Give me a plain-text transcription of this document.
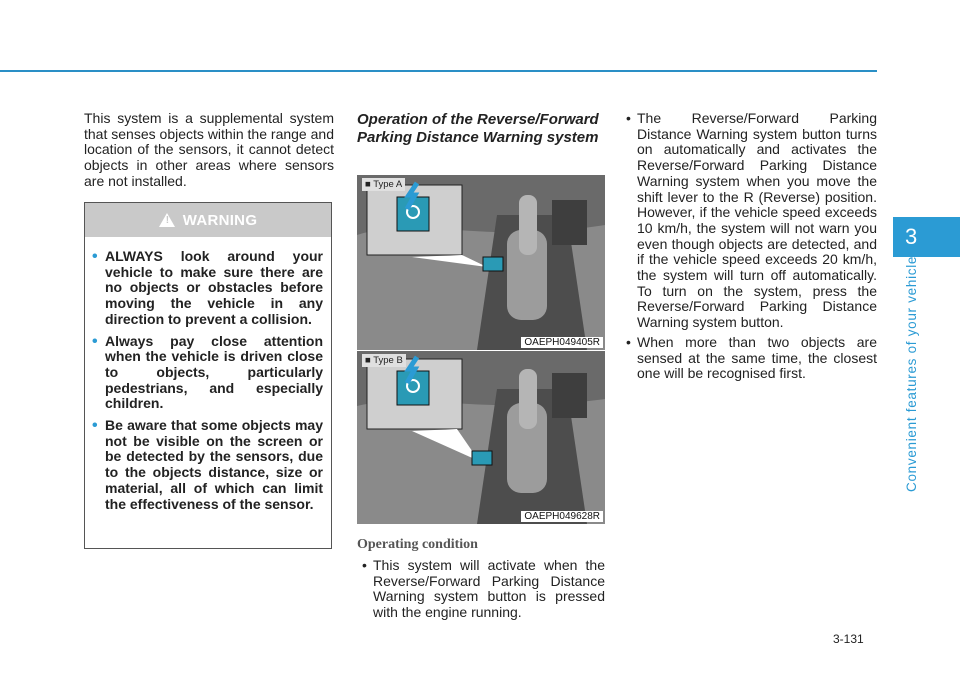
3
Convenient features of your vehicle

This system is a supplemental system that senses objects within the range and location of the sensors, it cannot detect objects in other areas where sensors are not installed.

! WARNING
• ALWAYS look around your vehicle to make sure there are no objects or obstacles before moving the vehicle in any direction to prevent a collision.
• Always pay close attention when the vehicle is driven close to objects, particularly pedestrians, and especially children.
• Be aware that some objects may not be visible on the screen or be detected by the sensors, due to the objects distance, size or material, all of which can limit the effectiveness of the sensor.

Operation of the Reverse/Forward Parking Distance Warning system

■ Type A
OAEPH049405R
■ Type B
OAEPH049628R
Operating condition
• This system will activate when the Reverse/Forward Parking Distance Warning system button is pressed with the engine running.
• The Reverse/Forward Parking Distance Warning system button turns on automatically and activates the Reverse/Forward Parking Distance Warning system when you move the shift lever to the R (Reverse) position. However, if the vehicle speed exceeds 10 km/h, the system will not warn you even though objects are detected, and if the vehicle speed exceeds 20 km/h, the system will turn off automatically. To turn on the system, press the Reverse/Forward Parking Distance Warning system button.
• When more than two objects are sensed at the same time, the closest one will be recognised first.
3-131
